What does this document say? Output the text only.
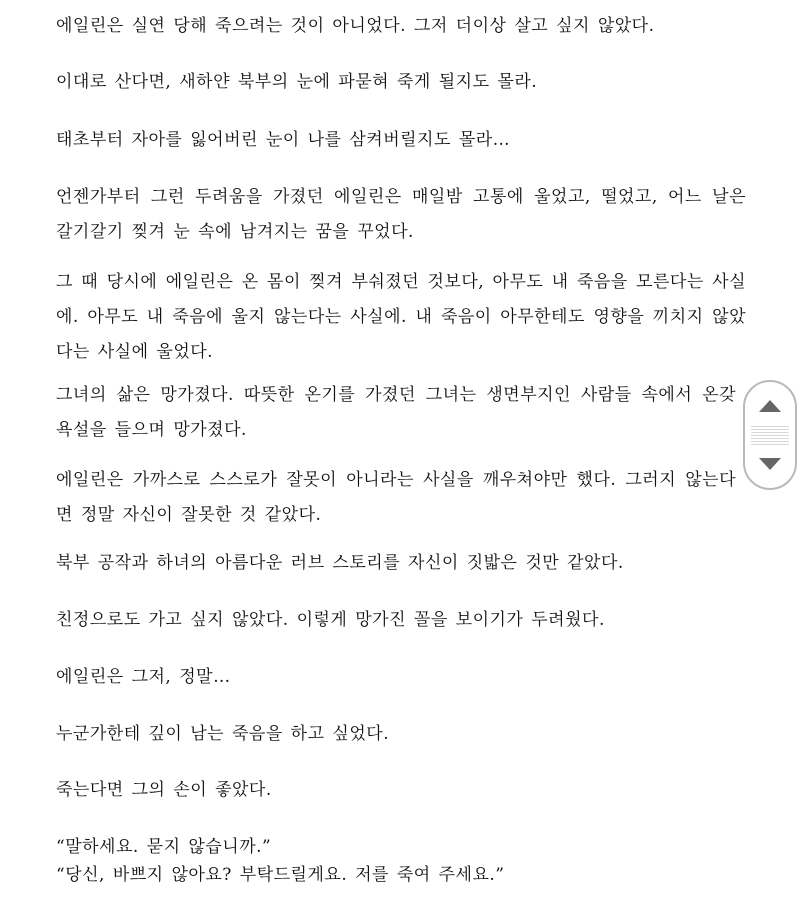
에일린은 실연 당해 죽으려는 것이 아니었다. 그저 더이상 살고 싶지 않았다.

이대로 산다면, 새하얀 북부의 눈에 파묻혀 죽게 될지도 몰라.

태초부터 자아를 잃어버린 눈이 나를 삼켜버릴지도 몰라…

언젠가부터 그런 두려움을 가졌던 에일린은 매일밤 고통에 울었고, 떨었고, 어느 날은 갈기갈기 찢겨 눈 속에 남겨지는 꿈을 꾸었다.

그 때 당시에 에일린은 온 몸이 찢겨 부숴졌던 것보다, 아무도 내 죽음을 모른다는 사실에. 아무도 내 죽음에 울지 않는다는 사실에. 내 죽음이 아무한테도 영향을 끼치지 않았다는 사실에 울었다.

그녀의 삶은 망가졌다. 따뜻한 온기를 가졌던 그녀는 생면부지인 사람들 속에서 온갖 욕설을 들으며 망가졌다.

에일린은 가까스로 스스로가 잘못이 아니라는 사실을 깨우쳐야만 했다. 그러지 않는다면 정말 자신이 잘못한 것 같았다.

북부 공작과 하녀의 아름다운 러브 스토리를 자신이 짓밟은 것만 같았다.

친정으로도 가고 싶지 않았다. 이렇게 망가진 꼴을 보이기가 두려웠다.

에일린은 그저, 정말…

누군가한테 깊이 남는 죽음을 하고 싶었다.

죽는다면 그의 손이 좋았다.

“말하세요. 묻지 않습니까.”

“당신, 바쁘지 않아요? 부탁드릴게요. 저를 죽여 주세요.”
